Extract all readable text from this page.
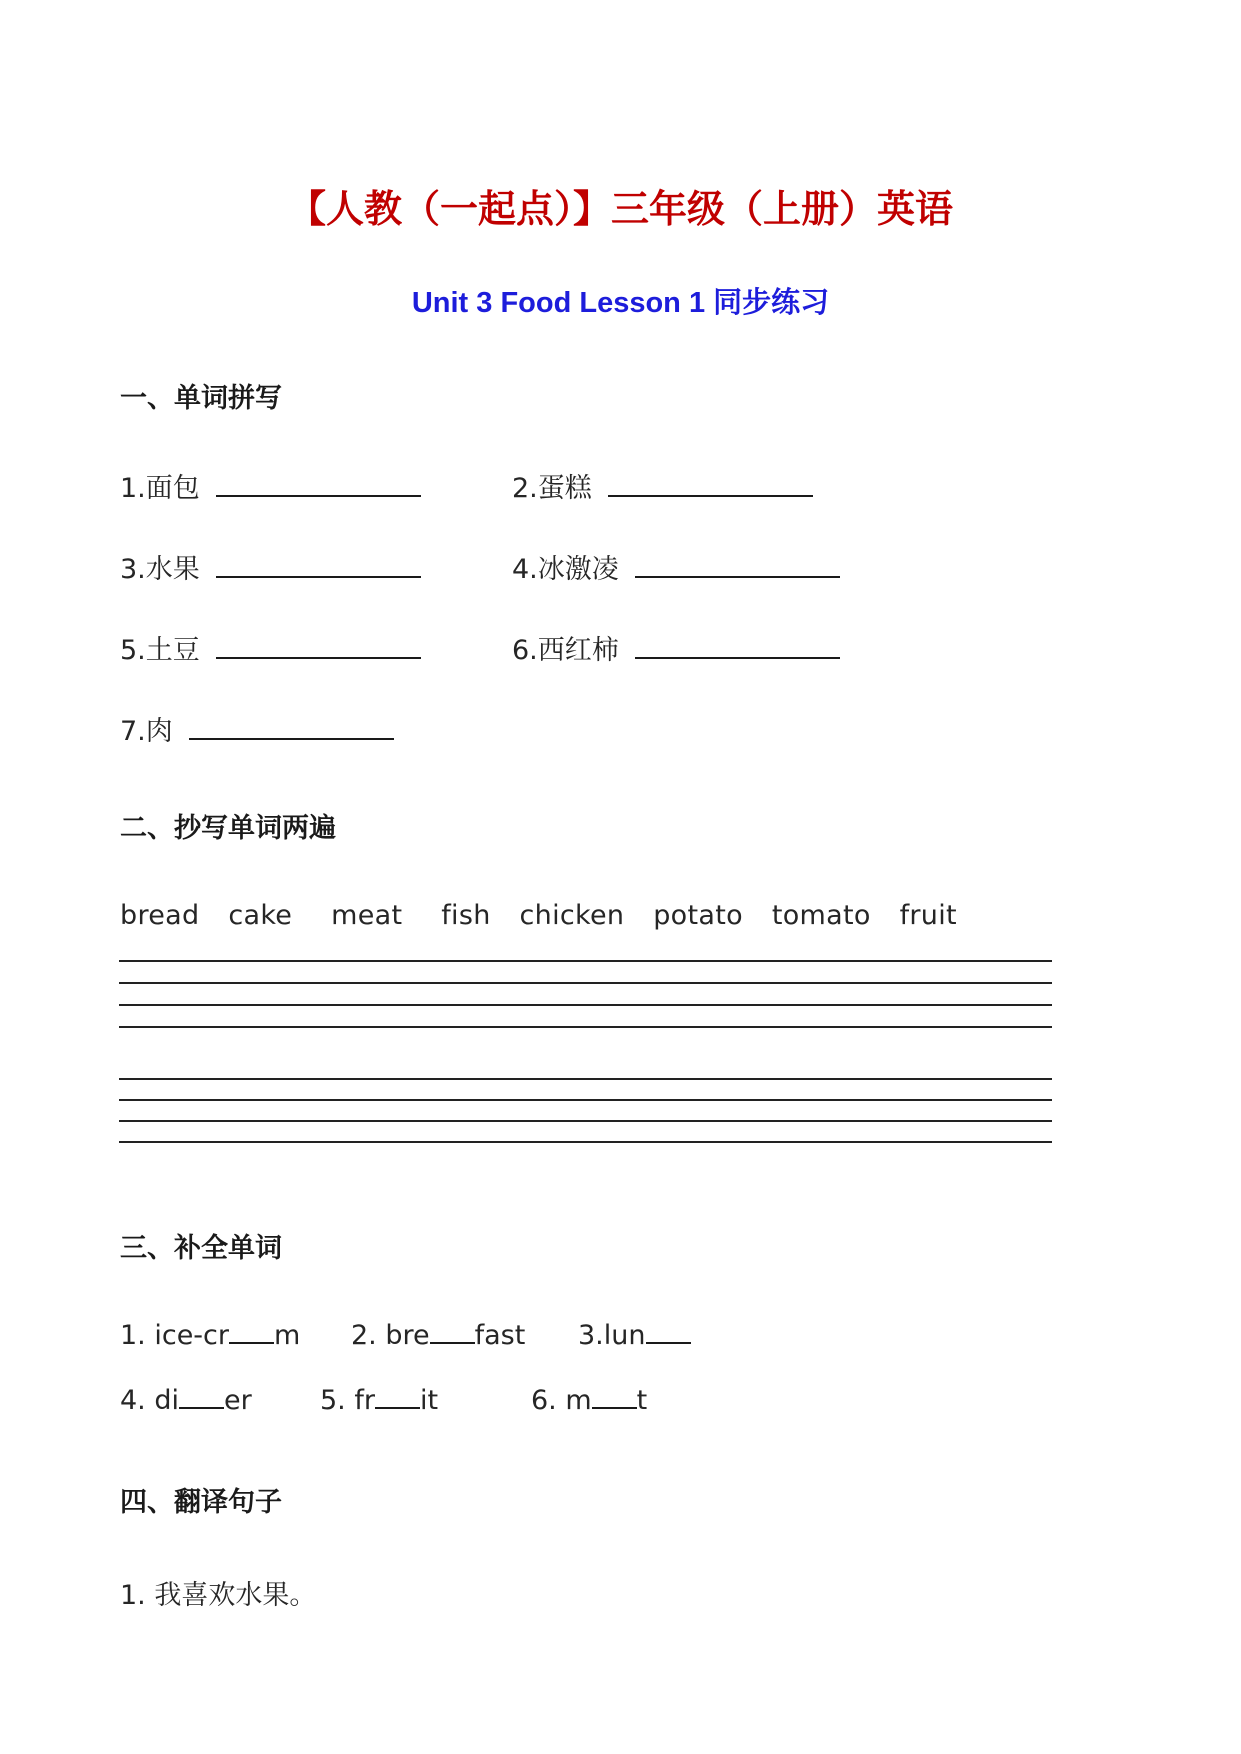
【人教（一起点）】三年级（上册）英语
Unit 3 Food Lesson 1 同步练习
一、单词拼写
1.面包	2.蛋糕
3.水果	4.冰激凌
5.土豆	6.西红柿
7.肉
二、抄写单词两遍
bread cake meat fish chicken potato tomato fruit
三、补全单词
1. ice-cr m 2. bre fast 3.lun
4. di er	5. fr it	6. m t
四、翻译句子
1. 我喜欢水果。
